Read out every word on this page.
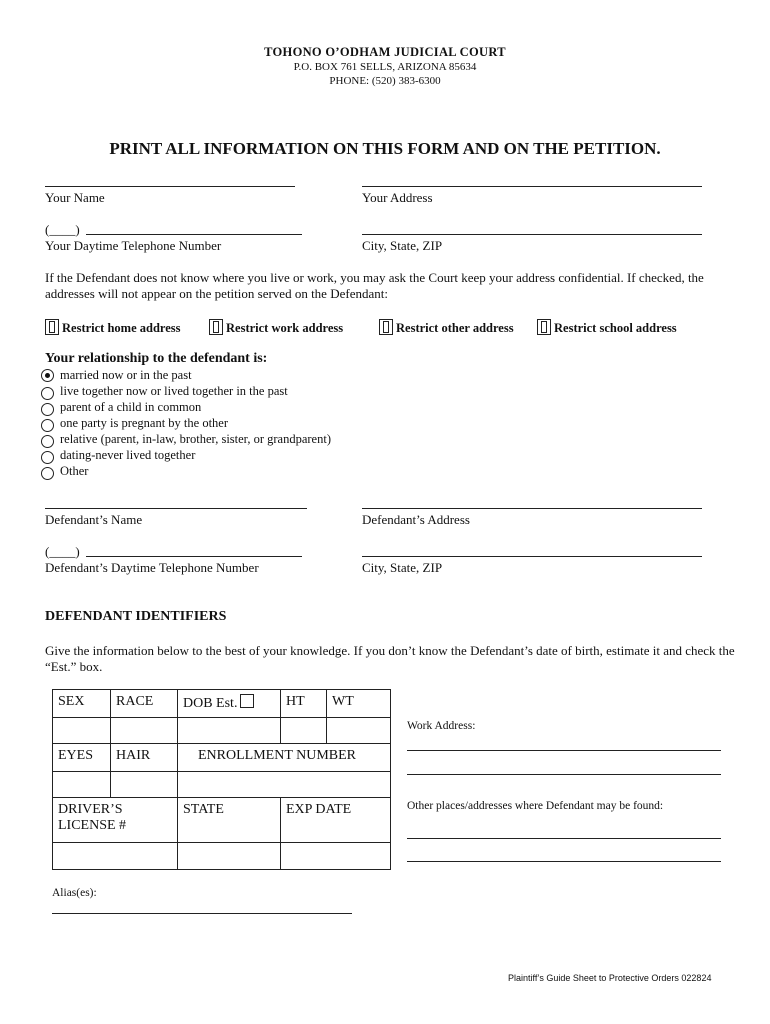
TOHONO O’ODHAM JUDICIAL COURT
P.O. BOX 761 SELLS, ARIZONA 85634
PHONE: (520) 383-6300
PRINT ALL INFORMATION ON THIS FORM AND ON THE PETITION.
Your Name	Your Address
(____)
Your Daytime Telephone Number	City, State, ZIP
If the Defendant does not know where you live or work, you may ask the Court keep your address confidential. If checked, the addresses will not appear on the petition served on the Defendant:
Restrict home address	Restrict work address	Restrict other address	Restrict school address
Your relationship to the defendant is:
married now or in the past
live together now or lived together in the past
parent of a child in common
one party is pregnant by the other
relative (parent, in-law, brother, sister, or grandparent)
dating-never lived together
Other
Defendant’s Name	Defendant’s Address
(____)
Defendant’s Daytime Telephone Number	City, State, ZIP
DEFENDANT IDENTIFIERS
Give the information below to the best of your knowledge. If you don’t know the Defendant’s date of birth, estimate it and check the “Est.” box.
SEX	RACE	DOB Est.	HT	WT

EYES	HAIR	ENROLLMENT NUMBER		

DRIVER’S
LICENSE #		STATE	EXP DATE	

Work Address:
Other places/addresses where Defendant may be found:
Alias(es):
Plaintiff’s Guide Sheet to Protective Orders 022824
